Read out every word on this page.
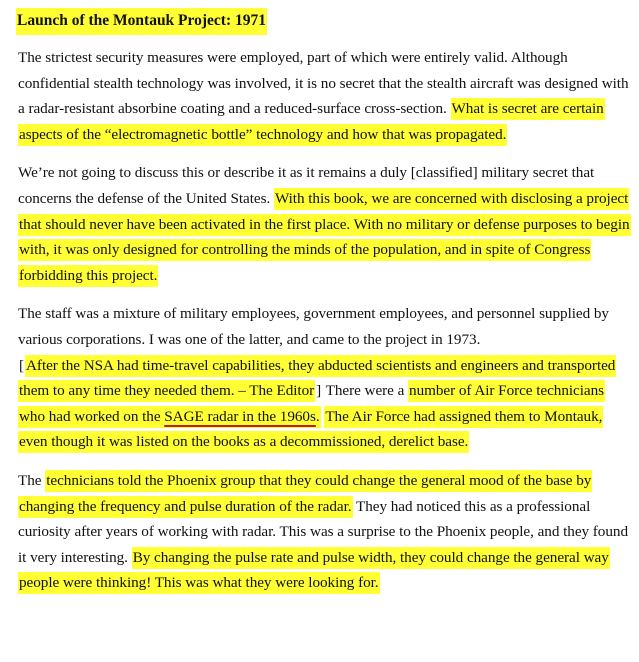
Launch of the Montauk Project: 1971

The strictest security measures were employed, part of which were entirely valid. Although confidential stealth technology was involved, it is no secret that the stealth aircraft was designed with a radar-resistant absorbine coating and a reduced-surface cross-section. What is secret are certain aspects of the “electromagnetic bottle” technology and how that was propagated.

We’re not going to discuss this or describe it as it remains a duly [classified] military secret that concerns the defense of the United States. With this book, we are concerned with disclosing a project that should never have been activated in the first place. With no military or defense purposes to begin with, it was only designed for controlling the minds of the population, and in spite of Congress forbidding this project.

The staff was a mixture of military employees, government employees, and personnel supplied by various corporations. I was one of the latter, and came to the project in 1973.
[ After the NSA had time-travel capabilities, they abducted scientists and engineers and transported them to any time they needed them. – The Editor ] There were a number of Air Force technicians who had worked on the SAGE radar in the 1960s. The Air Force had assigned them to Montauk, even though it was listed on the books as a decommissioned, derelict base.

The technicians told the Phoenix group that they could change the general mood of the base by changing the frequency and pulse duration of the radar. They had noticed this as a professional curiosity after years of working with radar. This was a surprise to the Phoenix people, and they found it very interesting. By changing the pulse rate and pulse width, they could change the general way people were thinking! This was what they were looking for.
